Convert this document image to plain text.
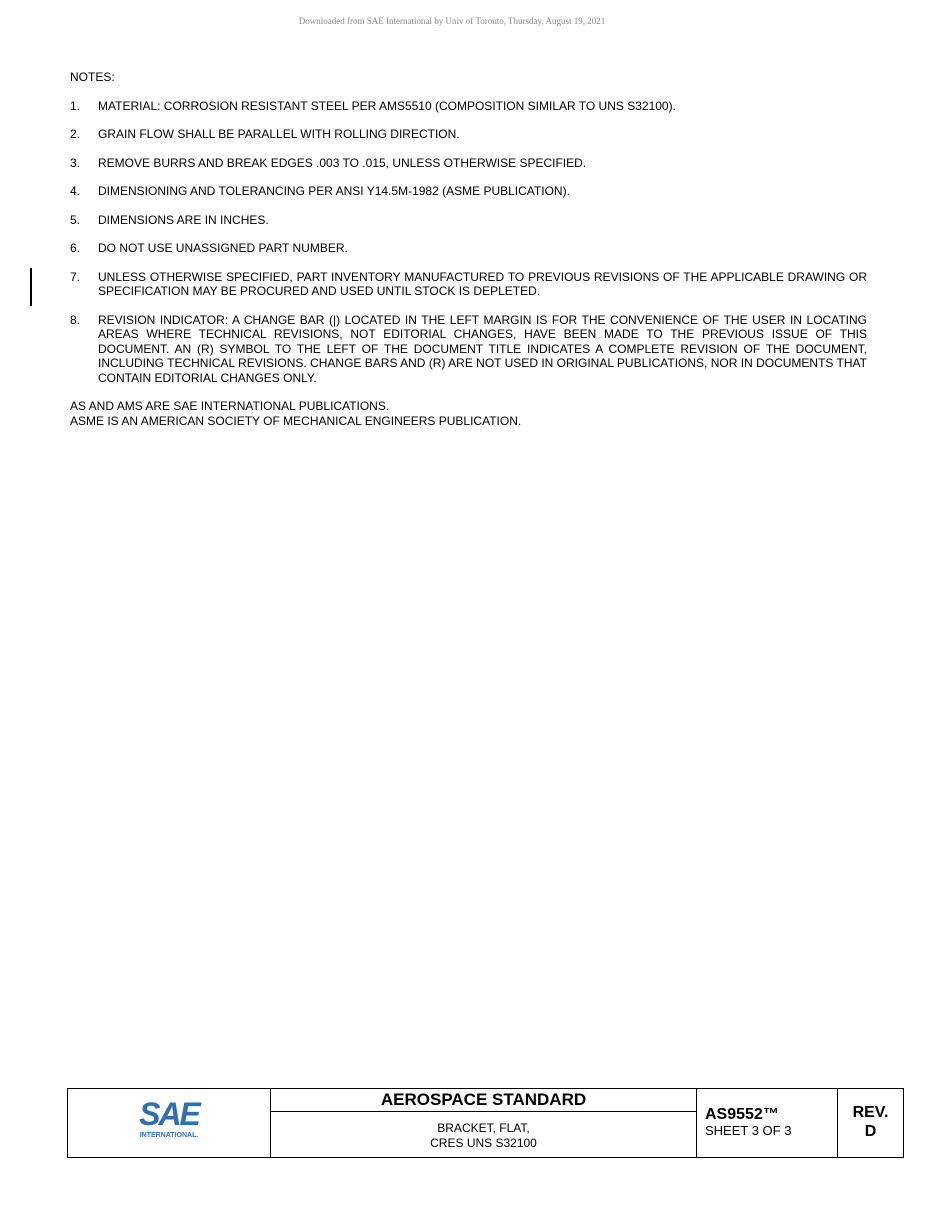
Downloaded from SAE International by Univ of Toronto, Thursday, August 19, 2021
NOTES:
1.	MATERIAL: CORROSION RESISTANT STEEL PER AMS5510 (COMPOSITION SIMILAR TO UNS S32100).
2.	GRAIN FLOW SHALL BE PARALLEL WITH ROLLING DIRECTION.
3.	REMOVE BURRS AND BREAK EDGES .003 TO .015, UNLESS OTHERWISE SPECIFIED.
4.	DIMENSIONING AND TOLERANCING PER ANSI Y14.5M-1982 (ASME PUBLICATION).
5.	DIMENSIONS ARE IN INCHES.
6.	DO NOT USE UNASSIGNED PART NUMBER.
7.	UNLESS OTHERWISE SPECIFIED, PART INVENTORY MANUFACTURED TO PREVIOUS REVISIONS OF THE APPLICABLE DRAWING OR SPECIFICATION MAY BE PROCURED AND USED UNTIL STOCK IS DEPLETED.
8.	REVISION INDICATOR: A CHANGE BAR (|) LOCATED IN THE LEFT MARGIN IS FOR THE CONVENIENCE OF THE USER IN LOCATING AREAS WHERE TECHNICAL REVISIONS, NOT EDITORIAL CHANGES, HAVE BEEN MADE TO THE PREVIOUS ISSUE OF THIS DOCUMENT. AN (R) SYMBOL TO THE LEFT OF THE DOCUMENT TITLE INDICATES A COMPLETE REVISION OF THE DOCUMENT, INCLUDING TECHNICAL REVISIONS. CHANGE BARS AND (R) ARE NOT USED IN ORIGINAL PUBLICATIONS, NOR IN DOCUMENTS THAT CONTAIN EDITORIAL CHANGES ONLY.
AS AND AMS ARE SAE INTERNATIONAL PUBLICATIONS.
ASME IS AN AMERICAN SOCIETY OF MECHANICAL ENGINEERS PUBLICATION.
SAE
INTERNATIONAL.
AEROSPACE STANDARD
BRACKET, FLAT,
CRES UNS S32100
AS9552™
SHEET 3 OF 3
REV.
D
